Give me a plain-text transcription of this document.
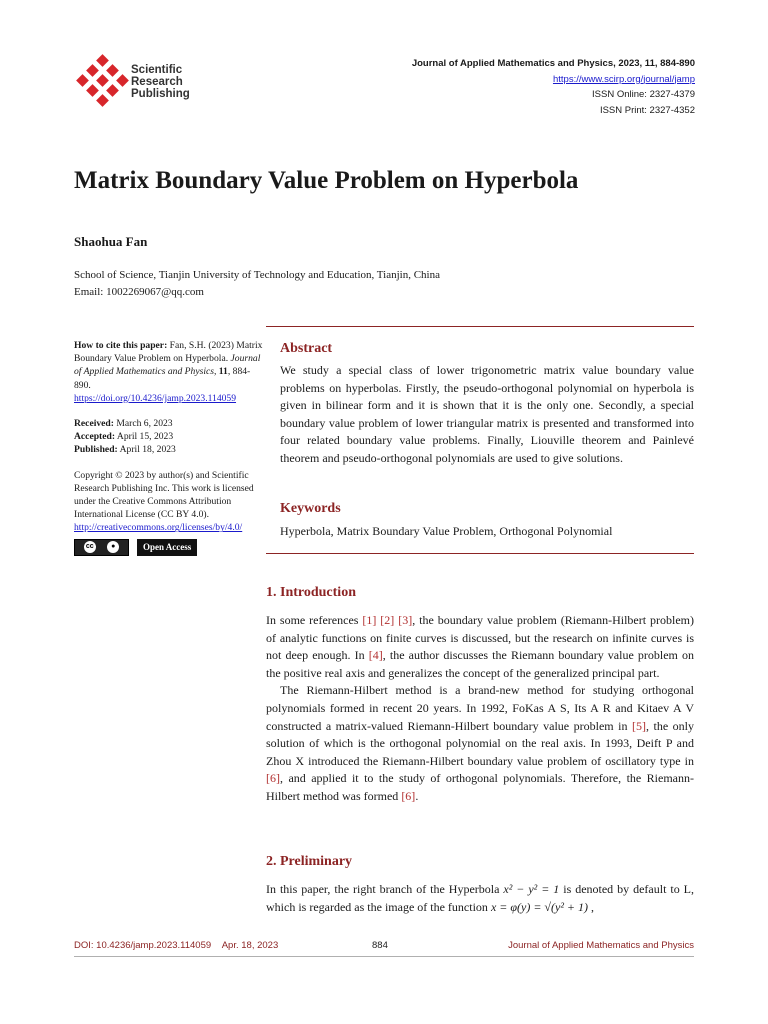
Scientific
Research
Publishing
Journal of Applied Mathematics and Physics, 2023, 11, 884-890
https://www.scirp.org/journal/jamp
ISSN Online: 2327-4379
ISSN Print: 2327-4352
Matrix Boundary Value Problem on Hyperbola
Shaohua Fan
School of Science, Tianjin University of Technology and Education, Tianjin, China
Email: 1002269067@qq.com

How to cite this paper: Fan, S.H. (2023) Matrix Boundary Value Problem on Hyperbola. Journal of Applied Mathematics and Physics, 11, 884-890.

https://doi.org/10.4236/jamp.2023.114059

Received: March 6, 2023

Accepted: April 15, 2023

Published: April 18, 2023

Copyright © 2023 by author(s) and Scientific Research Publishing Inc. This work is licensed under the Creative Commons Attribution International License (CC BY 4.0).

http://creativecommons.org/licenses/by/4.0/

cc	●	Open Access
Abstract
We study a special class of lower trigonometric matrix value boundary value problems on hyperbolas. Firstly, the pseudo-orthogonal polynomial on hyperbola is given in bilinear form and it is shown that it is the only one. Secondly, a special boundary value problem of lower triangular matrix is presented and transformed into four related boundary value problems. Finally, Liouville theorem and Painlevé theorem and pseudo-orthogonal polynomials are used to give solutions.
Keywords
Hyperbola, Matrix Boundary Value Problem, Orthogonal Polynomial
1. Introduction

In some references [1] [2] [3], the boundary value problem (Riemann-Hilbert problem) of analytic functions on finite curves is discussed, but the research on infinite curves is not deep enough. In [4], the author discusses the Riemann boundary value problem on the positive real axis and generalizes the concept of the generalized principal part.

The Riemann-Hilbert method is a brand-new method for studying orthogonal polynomials formed in recent 20 years. In 1992, FoKas A S, Its A R and Kitaev A V constructed a matrix-valued Riemann-Hilbert boundary value problem in [5], the only solution of which is the orthogonal polynomial on the real axis. In 1993, Deift P and Zhou X introduced the Riemann-Hilbert boundary value problem of oscillatory type in [6], and applied it to the study of orthogonal polynomials. Therefore, the Riemann-Hilbert method was formed [6].

2. Preliminary

In this paper, the right branch of the Hyperbola x² − y² = 1 is denoted by default to L, which is regarded as the image of the function x = φ(y) = √(y² + 1) ,

DOI: 10.4236/jamp.2023.114059 Apr. 18, 2023	884	Journal of Applied Mathematics and Physics
